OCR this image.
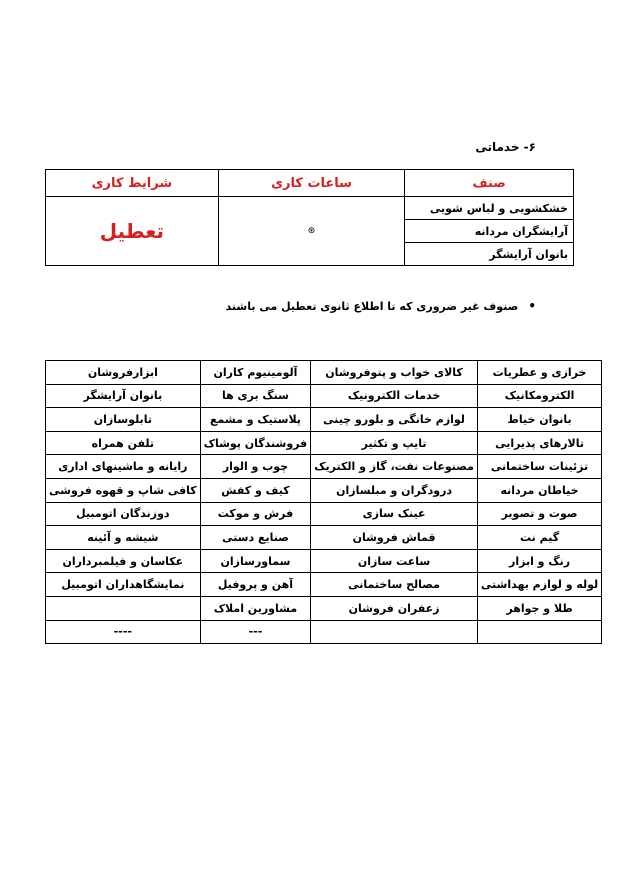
۶- خدماتی
صنف	ساعات کاری	شرایط کاری
خشکشویی و لباس شویی	⊛	تعطیل
آرایشگران مردانه		
بانوان آرایشگر		
•صنوف غیر ضروری که تا اطلاع ثانوی تعطیل می باشند
خرازی و عطریات	کالای خواب و پتوفروشان	آلومینیوم کاران	ابزارفروشان
الکترومکانیک	خدمات الکترونیک	سنگ بری ها	بانوان آرایشگر
بانوان خیاط	لوازم خانگی و بلورو چینی	پلاستیک و مشمع	تابلوسازان
تالارهای پذیرایی	تایپ و تکثیر	فروشندگان پوشاک	تلفن همراه
تزئینات ساختمانی	مصنوعات نفت، گاز و الکتریک	چوب و الوار	رایانه و ماشینهای اداری
خیاطان مردانه	درودگران و مبلسازان	کیف و کفش	کافی شاپ و قهوه فروشی
صوت و تصویر	عینک سازی	فرش و موکت	دوزندگان اتومبیل
گیم نت	قماش فروشان	صنایع دستی	شیشه و آئینه
رنگ و ابزار	ساعت سازان	سماورسازان	عکاسان و فیلمبرداران
لوله و لوازم بهداشتی	مصالح ساختمانی	آهن و پروفیل	نمایشگاهداران اتومبیل
طلا و جواهر	زعفران فروشان	مشاورین املاک	
		---	----
